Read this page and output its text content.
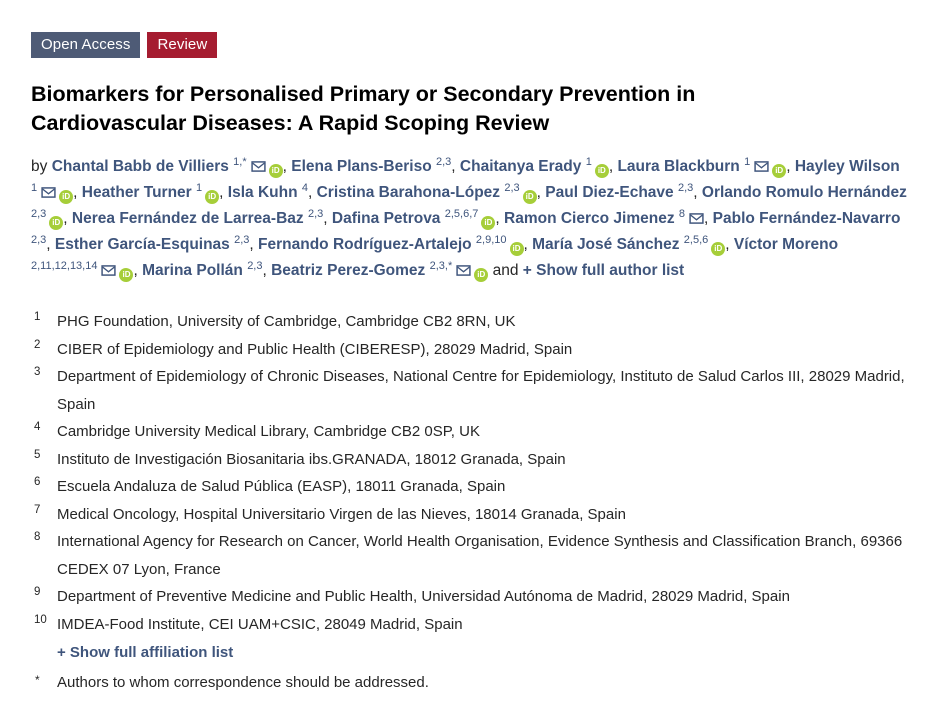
Open Access	Review
Biomarkers for Personalised Primary or Secondary Prevention in Cardiovascular Diseases: A Rapid Scoping Review

by Chantal Babb de Villiers $^{1,*}$iD , Elena Plans-Beriso $^{2,3}$, Chaitanya Erady $^1$iD , Laura Blackburn $^1$iD , Hayley Wilson $^1$iD , Heather Turner $^1$iD , Isla Kuhn $^4$, Cristina Barahona-López $^{2,3}$iD , Paul Diez-Echave $^{2,3}$, Orlando Romulo Hernández $^{2,3}$iD , Nerea Fernández de Larrea-Baz $^{2,3}$, Dafina Petrova $^{2,5,6,7}$iD , Ramon Cierco Jimenez $^8$ , Pablo Fernández-Navarro $^{2,3}$, Esther García-Esquinas $^{2,3}$, Fernando Rodríguez-Artalejo $^{2,9,10}$iD , María José Sánchez $^{2,5,6}$iD , Víctor Moreno $^{2,11,12,13,14}$iD , Marina Pollán $^{2,3}$, Beatriz Perez-Gomez $^{2,3,*}$iD and + Show full author list

1	PHG Foundation, University of Cambridge, Cambridge CB2 8RN, UK
2	CIBER of Epidemiology and Public Health (CIBERESP), 28029 Madrid, Spain
3	Department of Epidemiology of Chronic Diseases, National Centre for Epidemiology, Instituto de Salud Carlos III, 28029 Madrid, Spain
4	Cambridge University Medical Library, Cambridge CB2 0SP, UK
5	Instituto de Investigación Biosanitaria ibs.GRANADA, 18012 Granada, Spain
6	Escuela Andaluza de Salud Pública (EASP), 18011 Granada, Spain
7	Medical Oncology, Hospital Universitario Virgen de las Nieves, 18014 Granada, Spain
8	International Agency for Research on Cancer, World Health Organisation, Evidence Synthesis and Classification Branch, 69366 CEDEX 07 Lyon, France
9	Department of Preventive Medicine and Public Health, Universidad Autónoma de Madrid, 28029 Madrid, Spain
10 IMDEA-Food Institute, CEI UAM+CSIC, 28049 Madrid, Spain
+ Show full affiliation list
*	Authors to whom correspondence should be addressed.
